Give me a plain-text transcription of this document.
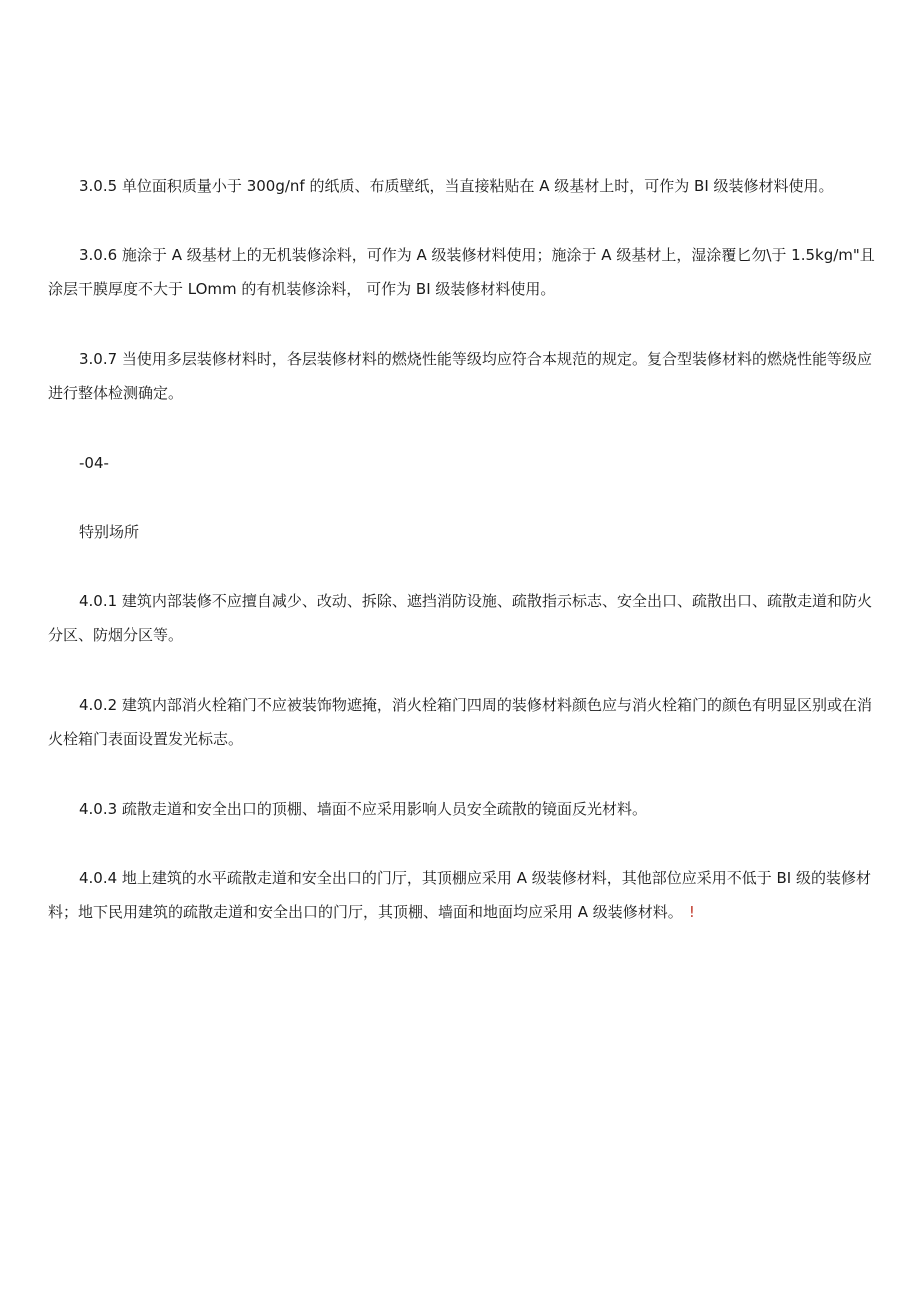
3.0.5 单位面积质量小于 300g∕nf 的纸质、布质壁纸，当直接粘贴在 A 级基材上时，可作为 BI 级装修材料使用。

3.0.6 施涂于 A 级基材上的无机装修涂料，可作为 A 级装修材料使用；施涂于 A 级基材上，湿涂覆匕勿\于 1.5kg∕m"且涂层干膜厚度不大于 LOmm 的有机装修涂料， 可作为 BI 级装修材料使用。

3.0.7 当使用多层装修材料时，各层装修材料的燃烧性能等级均应符合本规范的规定。复合型装修材料的燃烧性能等级应进行整体检测确定。

-04-

特别场所

4.0.1 建筑内部装修不应擅自减少、改动、拆除、遮挡消防设施、疏散指示标志、安全出口、疏散出口、疏散走道和防火分区、防烟分区等。

4.0.2 建筑内部消火栓箱门不应被装饰物遮掩，消火栓箱门四周的装修材料颜色应与消火栓箱门的颜色有明显区别或在消火栓箱门表面设置发光标志。

4.0.3 疏散走道和安全出口的顶棚、墙面不应采用影响人员安全疏散的镜面反光材料。

4.0.4 地上建筑的水平疏散走道和安全出口的门厅，其顶棚应采用 A 级装修材料，其他部位应采用不低于 BI 级的装修材料；地下民用建筑的疏散走道和安全出口的门厅，其顶棚、墙面和地面均应采用 A 级装修材料。 !
